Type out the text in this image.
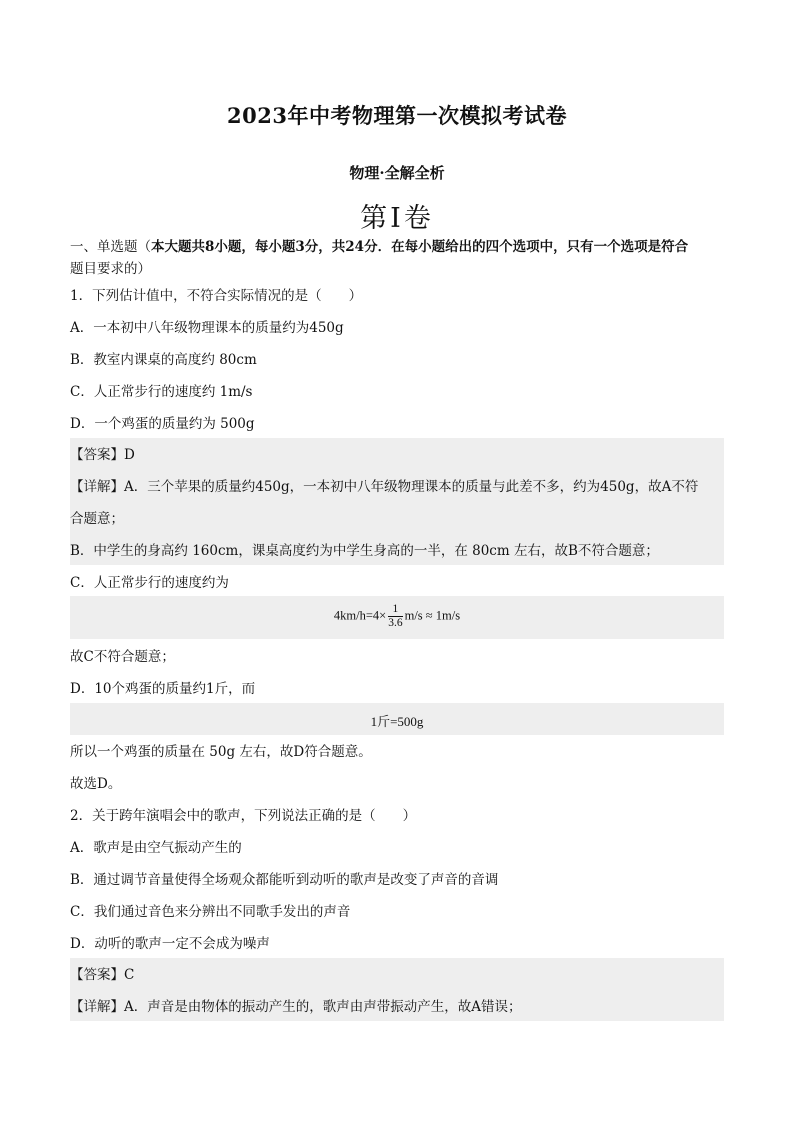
2023年中考物理第一次模拟考试卷
物理·全解全析
第Ⅰ卷
一、单选题（本大题共8小题，每小题3分，共24分．在每小题给出的四个选项中，只有一个选项是符合
题目要求的）
1．下列估计值中，不符合实际情况的是（　　）
A．一本初中八年级物理课本的质量约为450g
B．教室内课桌的高度约 80cm
C．人正常步行的速度约 1m/s
D．一个鸡蛋的质量约为 500g
【答案】D
【详解】A．三个苹果的质量约450g，一本初中八年级物理课本的质量与此差不多，约为450g，故A不符
合题意；
B．中学生的身高约 160cm，课桌高度约为中学生身高的一半，在 80cm 左右，故B不符合题意；
C．人正常步行的速度约为
$4km/h=4\times \frac{1}{3.6} m/s \approx 1m/s$
故C不符合题意；
D．10个鸡蛋的质量约1斤，而
1斤=500g
所以一个鸡蛋的质量在 50g 左右，故D符合题意。
故选D。
2．关于跨年演唱会中的歌声，下列说法正确的是（　　）
A．歌声是由空气振动产生的
B．通过调节音量使得全场观众都能听到动听的歌声是改变了声音的音调
C．我们通过音色来分辨出不同歌手发出的声音
D．动听的歌声一定不会成为噪声
【答案】C
【详解】A．声音是由物体的振动产生的，歌声由声带振动产生，故A错误；
